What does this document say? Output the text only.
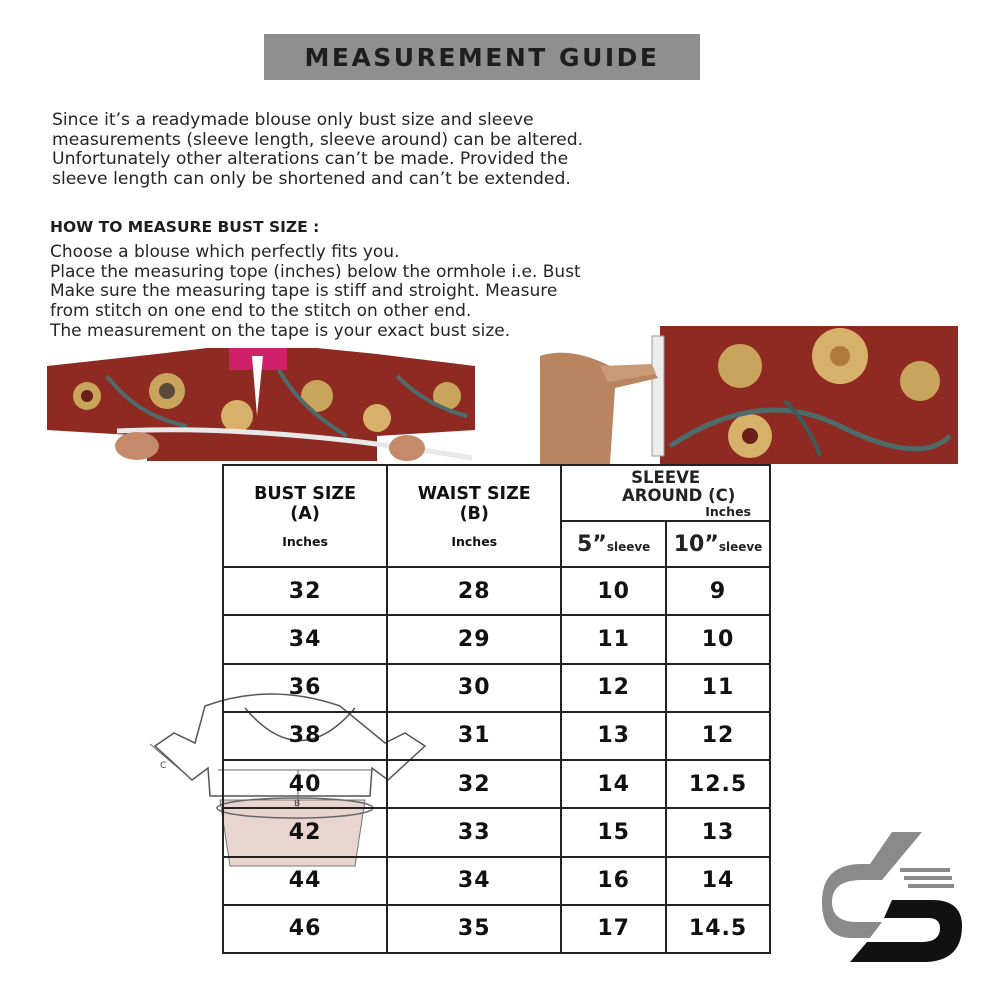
MEASUREMENT GUIDE
Since it’s a readymade blouse only bust size and sleeve
measurements (sleeve length, sleeve around) can be altered.
Unfortunately other alterations can’t be made. Provided the
sleeve length can only be shortened and can’t be extended.
HOW TO MEASURE BUST SIZE :
Choose a blouse which perfectly fits you.
Place the measuring tope (inches) below the ormhole i.e. Bust
Make sure the measuring tape is stiff and stroight. Measure
from stitch on one end to the stitch on other end.
The measurement on the tape is your exact bust size.
C
B
BUST SIZE
(A)
Inches	WAIST SIZE
(B)
Inches	SLEEVE
AROUND (C)
Inches	

		5”sleeve	10”sleeve
32	28	10	9
34	29	11	10
36	30	12	11
38	31	13	12
40	32	14	12.5
42	33	15	13
44	34	16	14
46	35	17	14.5
